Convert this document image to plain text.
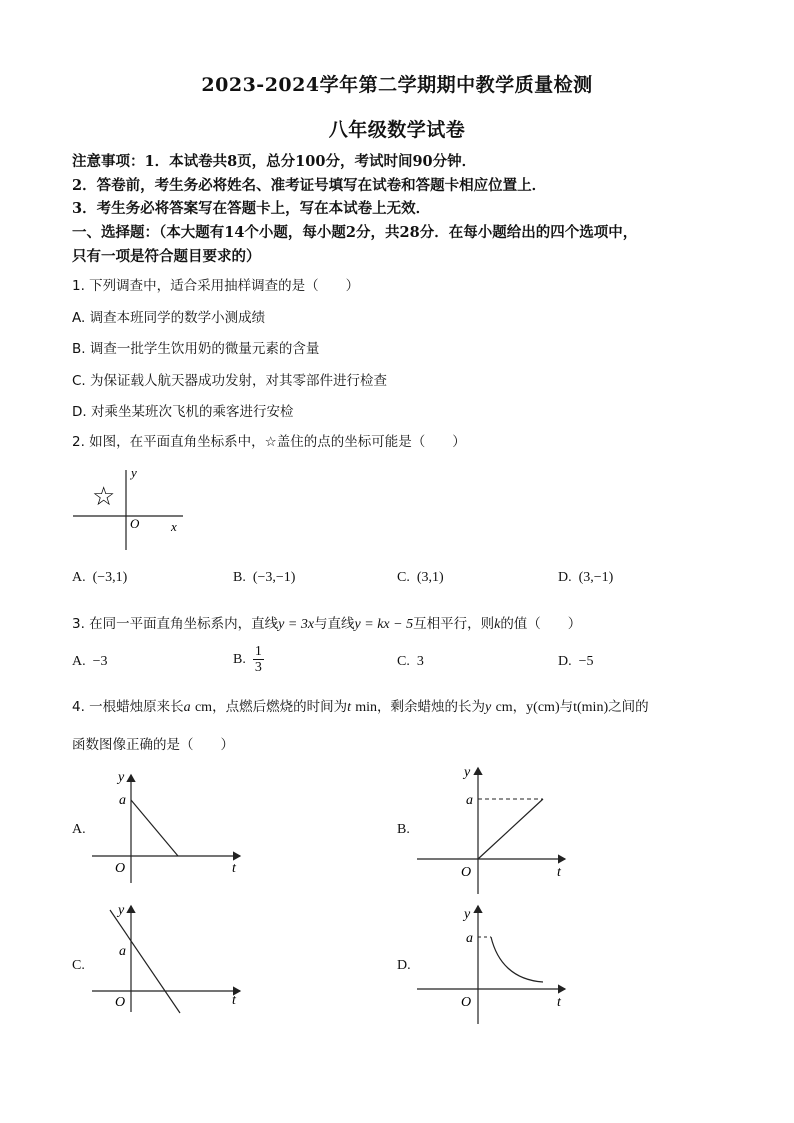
2023-2024学年第二学期期中教学质量检测
八年级数学试卷
注意事项：1．本试卷共8页，总分100分，考试时间90分钟．
2．答卷前，考生务必将姓名、准考证号填写在试卷和答题卡相应位置上．
3．考生务必将答案写在答题卡上，写在本试卷上无效．
一、选择题：（本大题有14个小题，每小题2分，共28分．在每小题给出的四个选项中，
只有一项是符合题目要求的）
1. 下列调查中，适合采用抽样调查的是（　　）
A. 调查本班同学的数学小测成绩
B. 调查一批学生饮用奶的微量元素的含量
C. 为保证载人航天器成功发射，对其零部件进行检查
D. 对乘坐某班次飞机的乘客进行安检
2. 如图，在平面直角坐标系中，☆盖住的点的坐标可能是（　　）
y
x
O
☆
A. (−3,1)	B. (−3,−1)	C. (3,1)	D. (3,−1)
3. 在同一平面直角坐标系内，直线y = 3x与直线y = kx − 5互相平行，则k的值（　　）
A. −3	B. $\frac{1}{3}$	C. 3	D. −5
4. 一根蜡烛原来长a cm，点燃后燃烧的时间为t min，剩余蜡烛的长为y cm，y(cm)与t(min)之间的
函数图像正确的是（　　）
A.
y
a
O	t
B.
y
a
O	t
C.
y
a
O	t
D.
y
a
O	t
